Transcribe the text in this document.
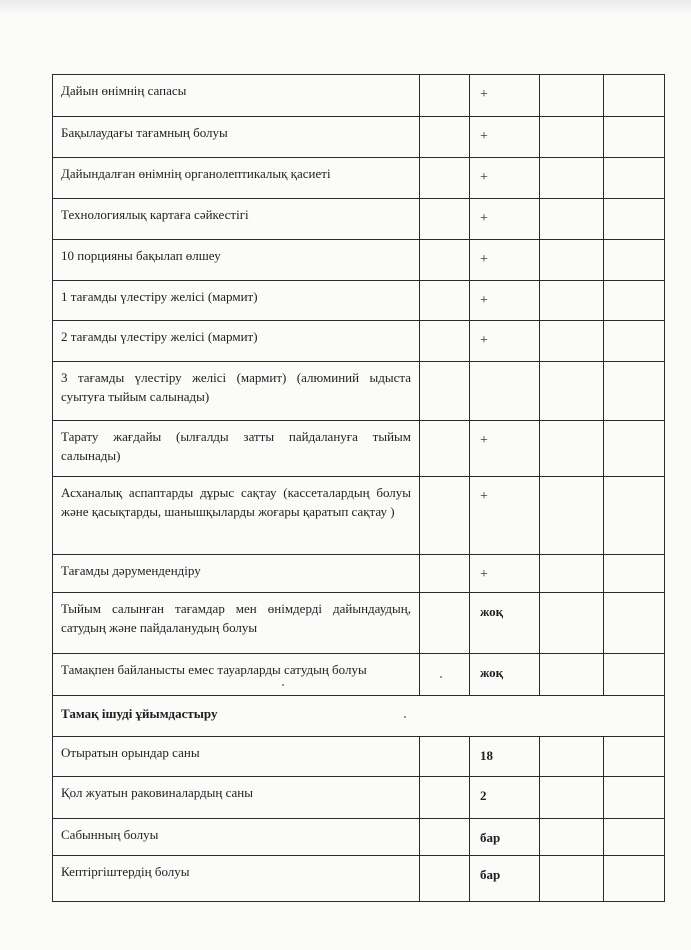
Дайын өнімнің сапасы		+		
Бақылаудағы тағамның болуы		+		
Дайындалған өнімнің органолептикалық қасиеті		+		
Технологиялық картаға сәйкестігі		+		
10 порцияны бақылап өлшеу		+		
1 тағамды үлестіру желісі (мармит)		+		
2 тағамды үлестіру желісі (мармит)		+		
3 тағамды үлестіру желісі (мармит) (алюминий ыдыста суытуға тыйым салынады)				
Тарату жағдайы (ылғалды затты пайдалануға тыйым салынады)		+		
Асханалық аспаптарды дұрыс сақтау (кассеталардың болуы және қасықтарды, шанышқыларды жоғары қаратып сақтау )		+		
Тағамды дәрумендендіру		+		
Тыйым салынған тағамдар мен өнімдерді дайындаудың, сатудың және пайдаланудың болуы		жоқ		
Тамақпен байланысты емес тауарларды сатудың болуы		жоқ		
Тамақ ішуді ұйымдастыру				
Отыратын орындар саны		18		
Қол жуатын раковиналардың саны		2		
Сабынның болуы		бар		
Кептіргіштердің болуы		бар		
